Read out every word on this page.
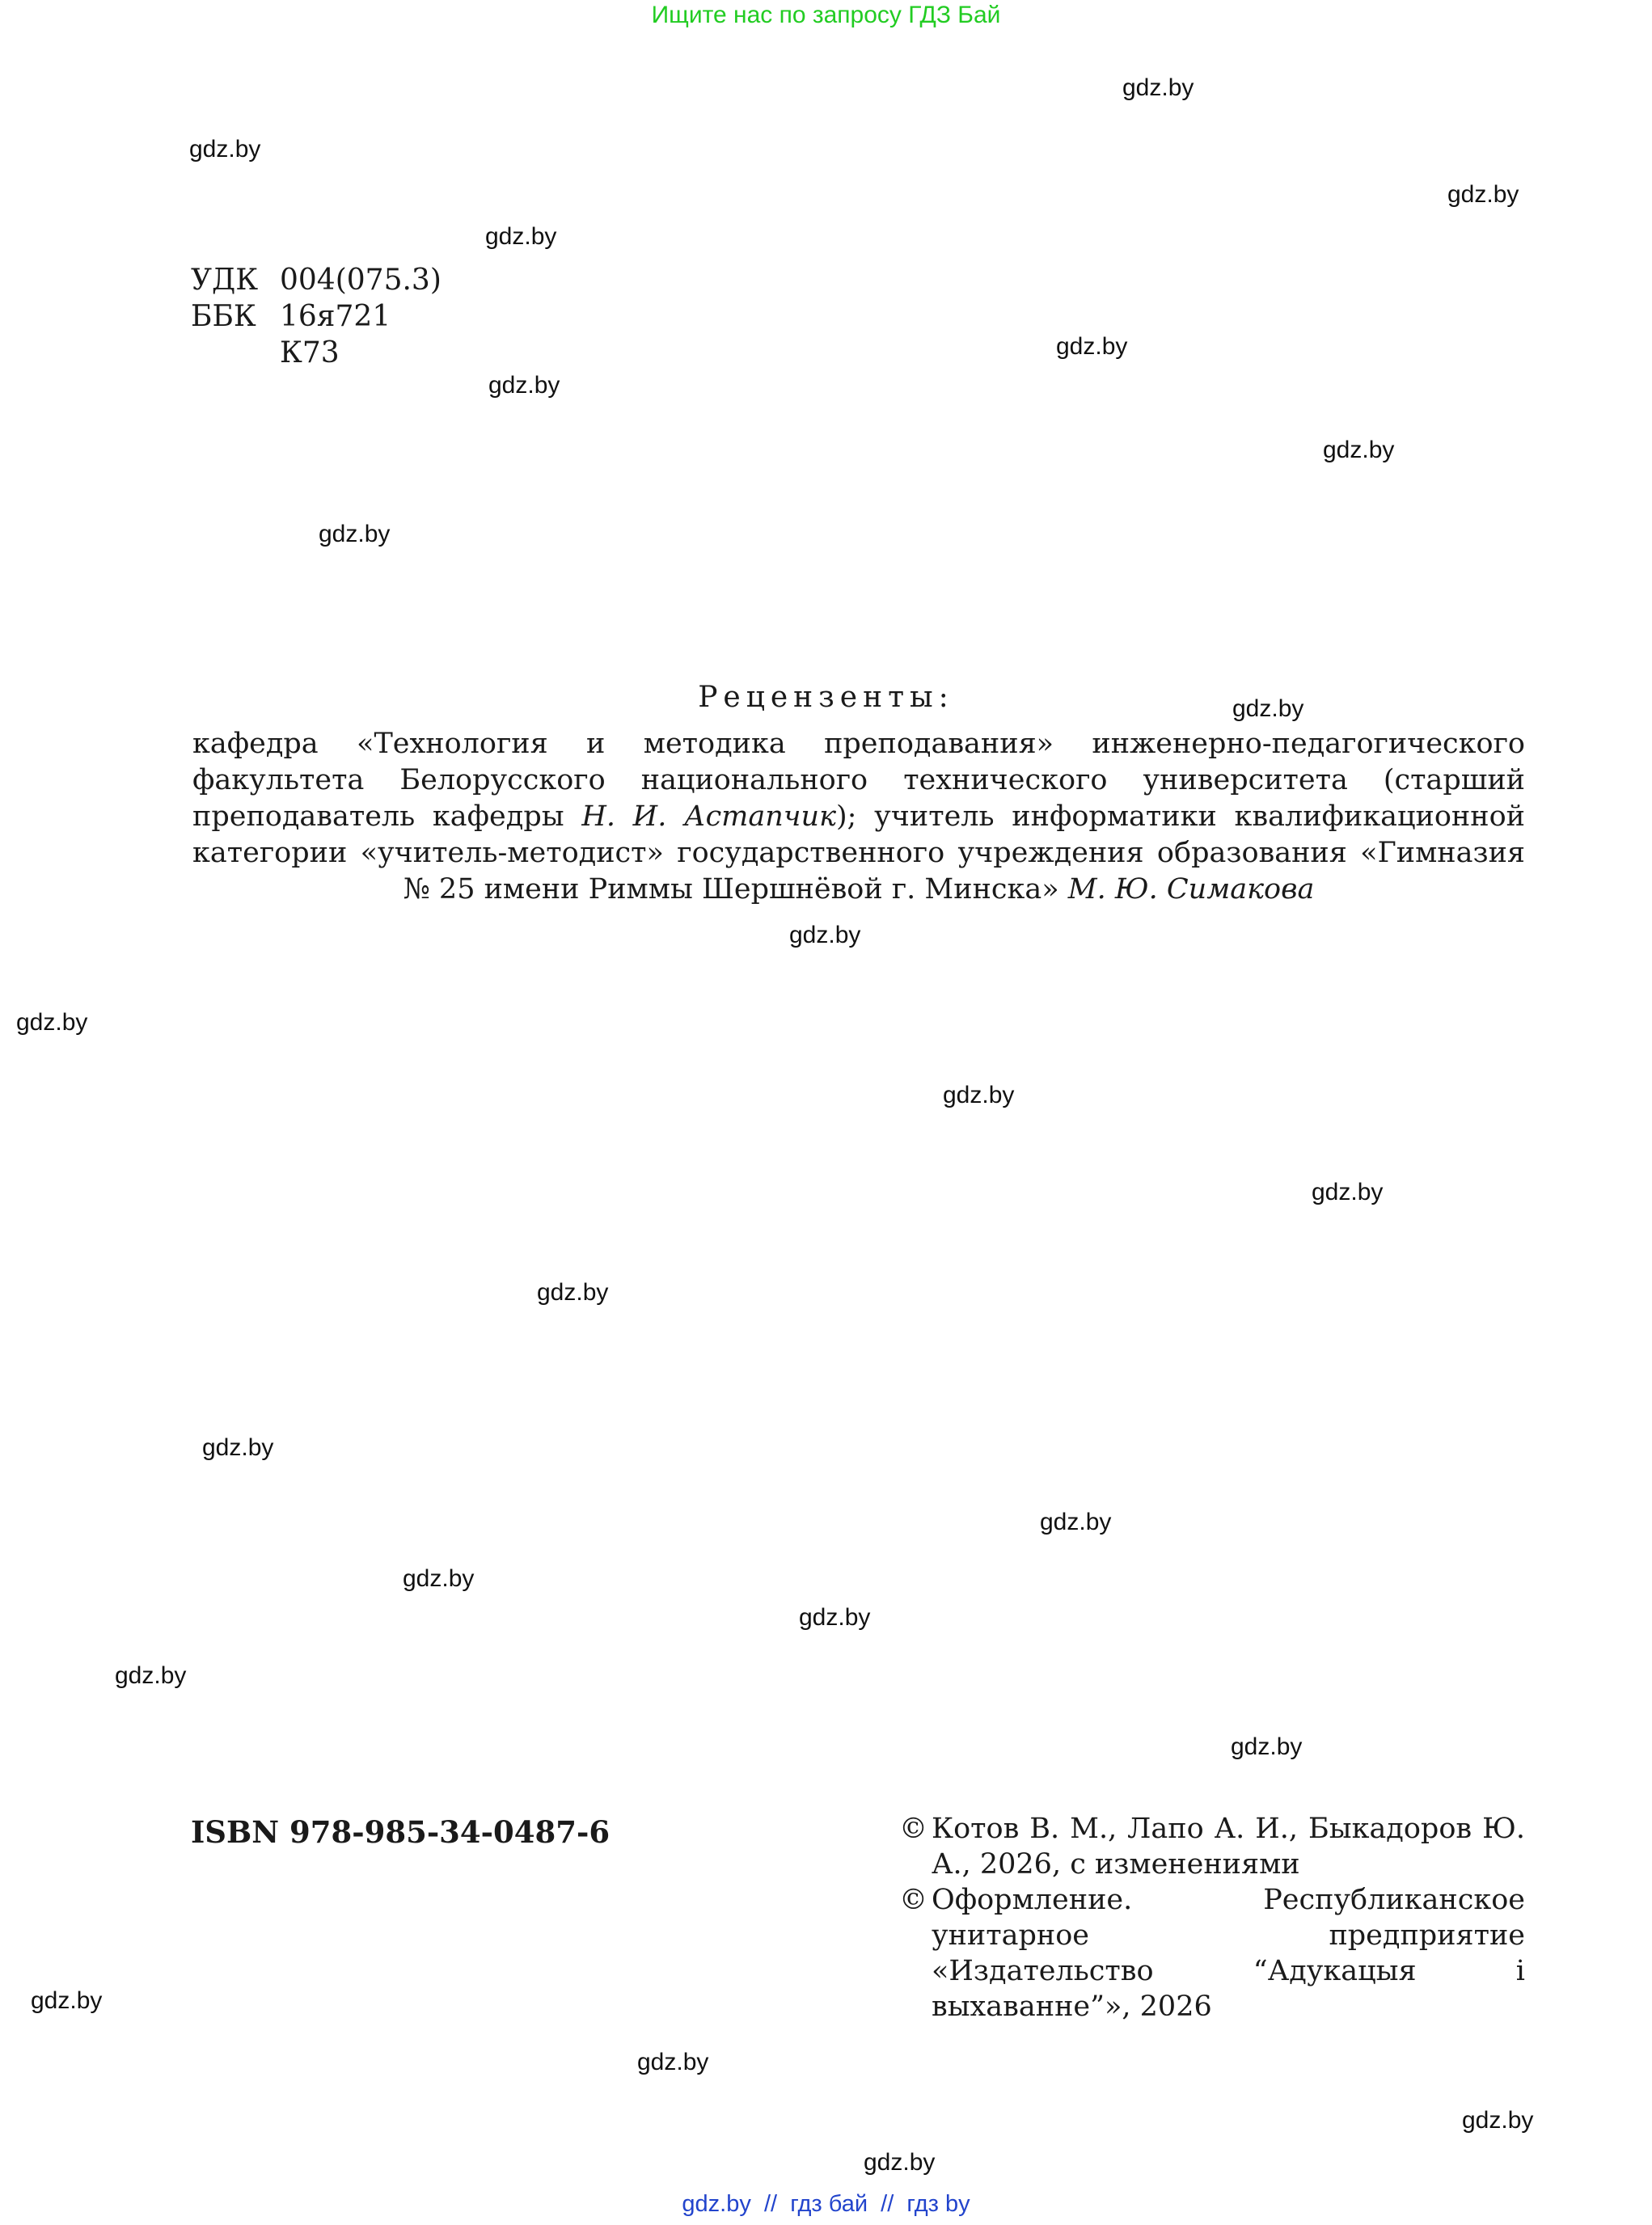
Ищите нас по запросу ГДЗ Бай
gdz.by
gdz.by
gdz.by
gdz.by
gdz.by
gdz.by
gdz.by
gdz.by
gdz.by
gdz.by
gdz.by
gdz.by
gdz.by
gdz.by
gdz.by
gdz.by
gdz.by
gdz.by
gdz.by
gdz.by
gdz.by
gdz.by
gdz.by
gdz.by
УДК 004(075.3)
ББК 16я721
К73
Рецензенты:

кафедра «Технология и методика преподавания» инженерно-педагогического факультета Белорусского национального технического университета (старший преподаватель кафедры Н. И. Астапчик); учитель информатики квалификационной категории «учитель-методист» государственного учреждения образования «Гимназия № 25 имени Риммы Шершнёвой г. Минска» М. Ю. Симакова

ISBN 978-985-34-0487-6	© Котов В. М., Лапо А. И., Быкадоров Ю. А., 2026, с изменениями
© Оформление. Республиканское унитарное предприятие «Издательство “Адукацыя і выхаванне”», 2026
gdz.by // гдз бай // гдз by
